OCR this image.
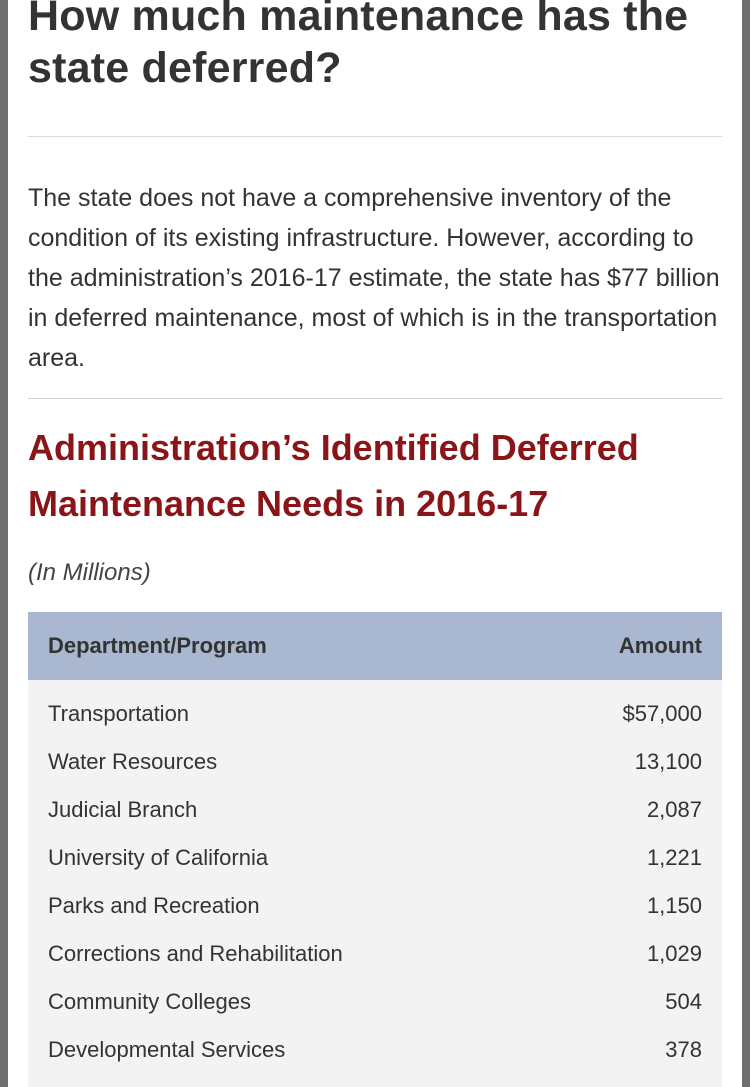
How much maintenance has the state deferred?

The state does not have a comprehensive inventory of the condition of its existing infrastructure. However, according to the administration’s 2016-17 estimate, the state has $77 billion in deferred maintenance, most of which is in the transportation area.

Administration’s Identified Deferred Maintenance Needs in 2016-17

(In Millions)

Department/Program	Amount
Transportation	$57,000
Water Resources	13,100
Judicial Branch	2,087
University of California	1,221
Parks and Recreation	1,150
Corrections and Rehabilitation	1,029
Community Colleges	504
Developmental Services	378
